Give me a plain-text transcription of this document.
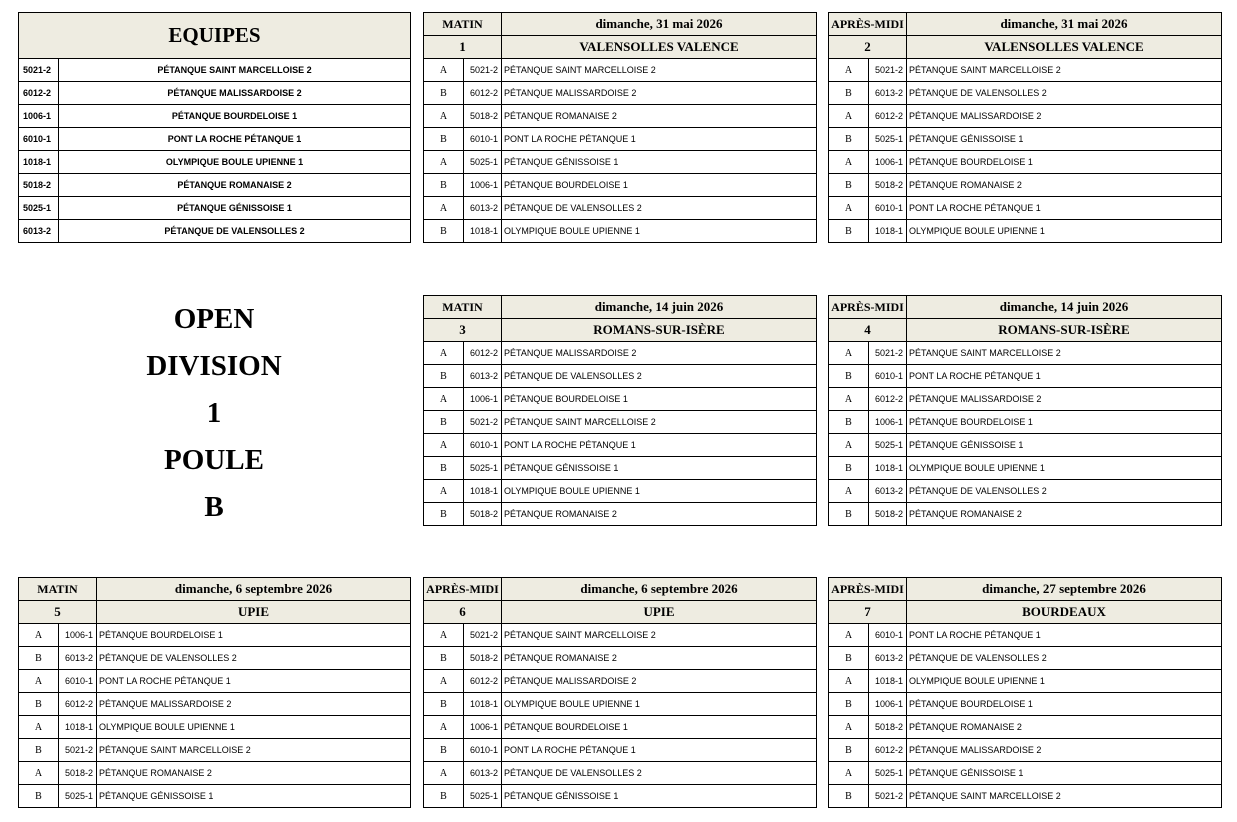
EQUIPES	
5021-2	PÉTANQUE SAINT MARCELLOISE 2
6012-2	PÉTANQUE MALISSARDOISE 2
1006-1	PÉTANQUE BOURDELOISE 1
6010-1	PONT LA ROCHE PÉTANQUE 1
1018-1	OLYMPIQUE BOULE UPIENNE 1
5018-2	PÉTANQUE ROMANAISE 2
5025-1	PÉTANQUE GÉNISSOISE 1
6013-2	PÉTANQUE DE VALENSOLLES 2
OPEN
DIVISION
1
POULE
B
MATIN		dimanche, 31 mai 2026
1		VALENSOLLES VALENCE
A	5021-2	PÉTANQUE SAINT MARCELLOISE 2
B	6012-2	PÉTANQUE MALISSARDOISE 2
A	5018-2	PÉTANQUE ROMANAISE 2
B	6010-1	PONT LA ROCHE PÉTANQUE 1
A	5025-1	PÉTANQUE GÉNISSOISE 1
B	1006-1	PÉTANQUE BOURDELOISE 1
A	6013-2	PÉTANQUE DE VALENSOLLES 2
B	1018-1	OLYMPIQUE BOULE UPIENNE 1
APRÈS-MIDI		dimanche, 31 mai 2026
2		VALENSOLLES VALENCE
A	5021-2	PÉTANQUE SAINT MARCELLOISE 2
B	6013-2	PÉTANQUE DE VALENSOLLES 2
A	6012-2	PÉTANQUE MALISSARDOISE 2
B	5025-1	PÉTANQUE GÉNISSOISE 1
A	1006-1	PÉTANQUE BOURDELOISE 1
B	5018-2	PÉTANQUE ROMANAISE 2
A	6010-1	PONT LA ROCHE PÉTANQUE 1
B	1018-1	OLYMPIQUE BOULE UPIENNE 1
MATIN		dimanche, 14 juin 2026
3		ROMANS-SUR-ISÈRE
A	6012-2	PÉTANQUE MALISSARDOISE 2
B	6013-2	PÉTANQUE DE VALENSOLLES 2
A	1006-1	PÉTANQUE BOURDELOISE 1
B	5021-2	PÉTANQUE SAINT MARCELLOISE 2
A	6010-1	PONT LA ROCHE PÉTANQUE 1
B	5025-1	PÉTANQUE GÉNISSOISE 1
A	1018-1	OLYMPIQUE BOULE UPIENNE 1
B	5018-2	PÉTANQUE ROMANAISE 2
APRÈS-MIDI		dimanche, 14 juin 2026
4		ROMANS-SUR-ISÈRE
A	5021-2	PÉTANQUE SAINT MARCELLOISE 2
B	6010-1	PONT LA ROCHE PÉTANQUE 1
A	6012-2	PÉTANQUE MALISSARDOISE 2
B	1006-1	PÉTANQUE BOURDELOISE 1
A	5025-1	PÉTANQUE GÉNISSOISE 1
B	1018-1	OLYMPIQUE BOULE UPIENNE 1
A	6013-2	PÉTANQUE DE VALENSOLLES 2
B	5018-2	PÉTANQUE ROMANAISE 2
MATIN		dimanche, 6 septembre 2026
5		UPIE
A	1006-1	PÉTANQUE BOURDELOISE 1
B	6013-2	PÉTANQUE DE VALENSOLLES 2
A	6010-1	PONT LA ROCHE PÉTANQUE 1
B	6012-2	PÉTANQUE MALISSARDOISE 2
A	1018-1	OLYMPIQUE BOULE UPIENNE 1
B	5021-2	PÉTANQUE SAINT MARCELLOISE 2
A	5018-2	PÉTANQUE ROMANAISE 2
B	5025-1	PÉTANQUE GÉNISSOISE 1
APRÈS-MIDI		dimanche, 6 septembre 2026
6		UPIE
A	5021-2	PÉTANQUE SAINT MARCELLOISE 2
B	5018-2	PÉTANQUE ROMANAISE 2
A	6012-2	PÉTANQUE MALISSARDOISE 2
B	1018-1	OLYMPIQUE BOULE UPIENNE 1
A	1006-1	PÉTANQUE BOURDELOISE 1
B	6010-1	PONT LA ROCHE PÉTANQUE 1
A	6013-2	PÉTANQUE DE VALENSOLLES 2
B	5025-1	PÉTANQUE GÉNISSOISE 1
APRÈS-MIDI		dimanche, 27 septembre 2026
7		BOURDEAUX
A	6010-1	PONT LA ROCHE PÉTANQUE 1
B	6013-2	PÉTANQUE DE VALENSOLLES 2
A	1018-1	OLYMPIQUE BOULE UPIENNE 1
B	1006-1	PÉTANQUE BOURDELOISE 1
A	5018-2	PÉTANQUE ROMANAISE 2
B	6012-2	PÉTANQUE MALISSARDOISE 2
A	5025-1	PÉTANQUE GÉNISSOISE 1
B	5021-2	PÉTANQUE SAINT MARCELLOISE 2
